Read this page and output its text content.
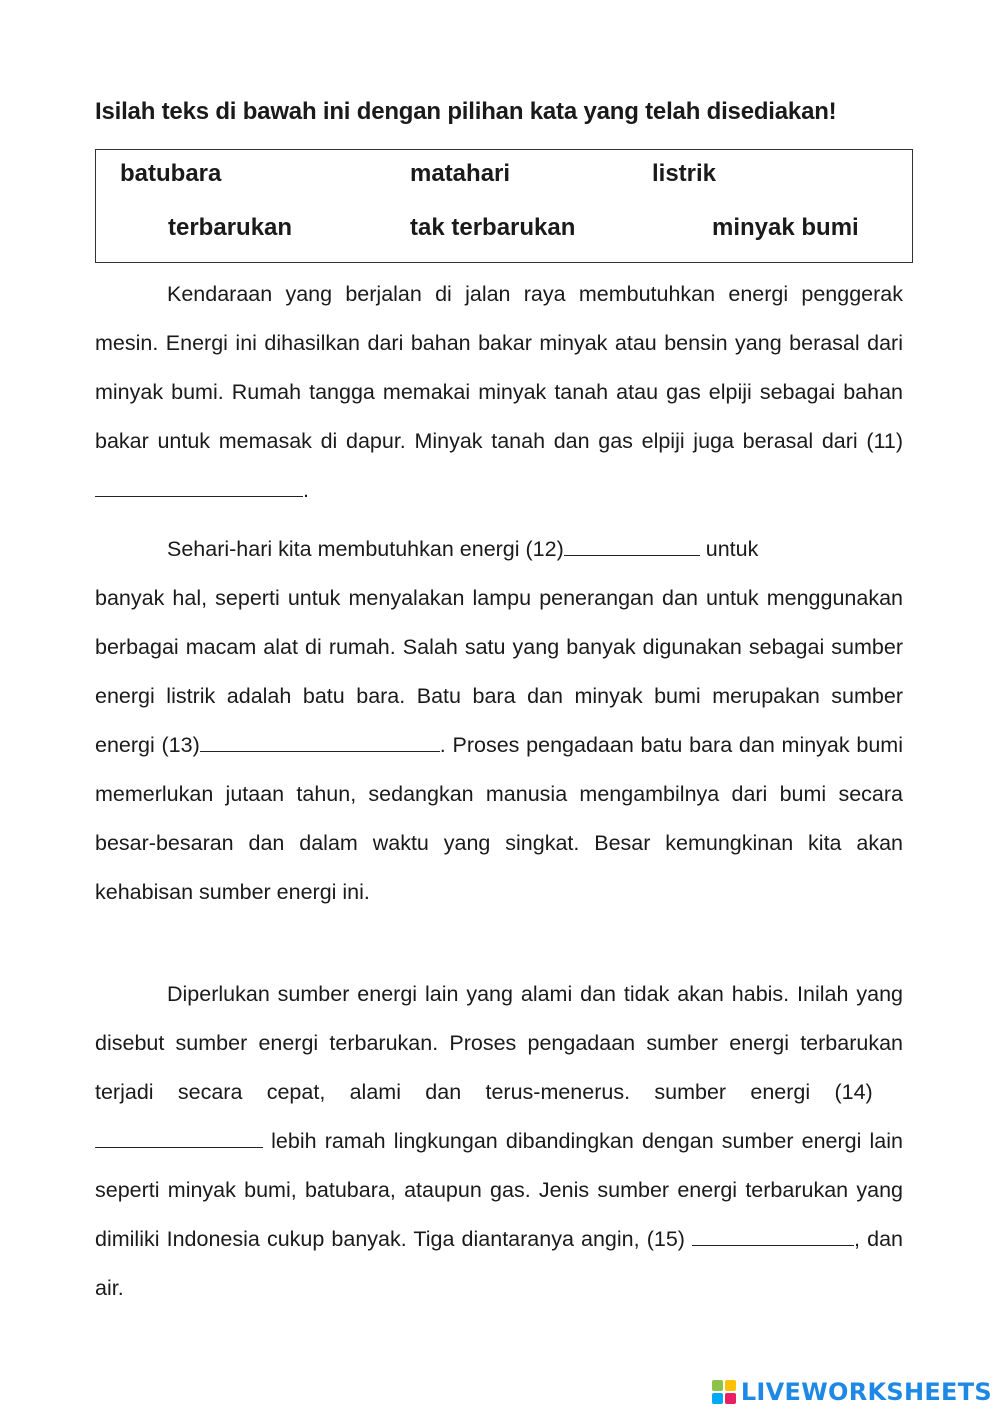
Isilah teks di bawah ini dengan pilihan kata yang telah disediakan!
batubara	matahari	listrik
terbarukan	tak terbarukan	minyak bumi

Kendaraan yang berjalan di jalan raya membutuhkan energi penggerak mesin. Energi ini dihasilkan dari bahan bakar minyak atau bensin yang berasal dari minyak bumi. Rumah tangga memakai minyak tanah atau gas elpiji sebagai bahan bakar untuk memasak di dapur. Minyak tanah dan gas elpiji juga berasal dari (11) .

Sehari-hari kita membutuhkan energi (12)	untuk
banyak hal, seperti untuk menyalakan lampu penerangan dan untuk menggunakan berbagai macam alat di rumah. Salah satu yang banyak digunakan sebagai sumber energi listrik adalah batu bara. Batu bara dan minyak bumi merupakan sumber energi (13)	. Proses pengadaan batu bara dan minyak bumi memerlukan jutaan tahun, sedangkan manusia mengambilnya dari bumi secara besar-besaran dan dalam waktu yang singkat. Besar kemungkinan kita akan kehabisan sumber energi ini.

Diperlukan sumber energi lain yang alami dan tidak akan habis. Inilah yang disebut sumber energi terbarukan. Proses pengadaan sumber energi terbarukan terjadi secara cepat, alami dan terus-menerus. sumber energi (14)   lebih ramah lingkungan dibandingkan dengan sumber energi lain seperti minyak bumi, batubara, ataupun gas. Jenis sumber energi terbarukan yang dimiliki Indonesia cukup banyak. Tiga diantaranya angin, (15)	, dan air.

LIVEWORKSHEETS
